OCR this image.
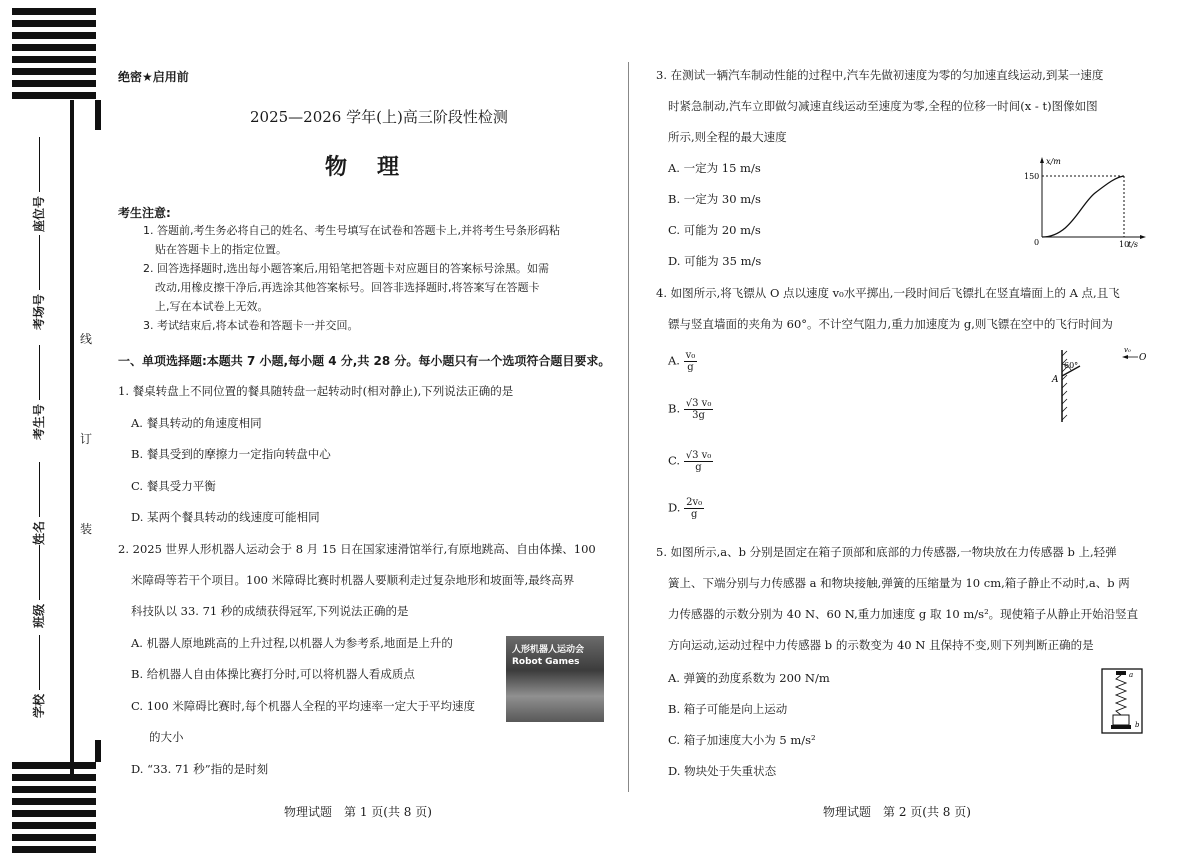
座位号
考场号
考生号
姓名
班级
学校
线
订
装
绝密★启用前
2025—2026 学年(上)高三阶段性检测
物　理
考生注意:

1. 答题前,考生务必将自己的姓名、考生号填写在试卷和答题卡上,并将考生号条形码粘

贴在答题卡上的指定位置。

2. 回答选择题时,选出每小题答案后,用铅笔把答题卡对应题目的答案标号涂黑。如需

改动,用橡皮擦干净后,再选涂其他答案标号。回答非选择题时,将答案写在答题卡

上,写在本试卷上无效。

3. 考试结束后,将本试卷和答题卡一并交回。

一、单项选择题:本题共 7 小题,每小题 4 分,共 28 分。每小题只有一个选项符合题目要求。
1. 餐桌转盘上不同位置的餐具随转盘一起转动时(相对静止),下列说法正确的是
A. 餐具转动的角速度相同
B. 餐具受到的摩擦力一定指向转盘中心
C. 餐具受力平衡
D. 某两个餐具转动的线速度可能相同
2. 2025 世界人形机器人运动会于 8 月 15 日在国家速滑馆举行,有原地跳高、自由体操、100
米障碍等若干个项目。100 米障碍比赛时机器人要顺利走过复杂地形和坡面等,最终高界
科技队以 33. 71 秒的成绩获得冠军,下列说法正确的是
A. 机器人原地跳高的上升过程,以机器人为参考系,地面是上升的
B. 给机器人自由体操比赛打分时,可以将机器人看成质点
C. 100 米障碍比赛时,每个机器人全程的平均速率一定大于平均速度
的大小
D. “33. 71 秒”指的是时刻
人形机器人运动会 Robot Games
3. 在测试一辆汽车制动性能的过程中,汽车先做初速度为零的匀加速直线运动,到某一速度
时紧急制动,汽车立即做匀减速直线运动至速度为零,全程的位移一时间(x - t)图像如图
所示,则全程的最大速度
A. 一定为 15 m/s
B. 一定为 30 m/s
C. 可能为 20 m/s
D. 可能为 35 m/s
x/m
t/s
150
10
0
4. 如图所示,将飞镖从 O 点以速度 v₀水平掷出,一段时间后飞镖扎在竖直墙面上的 A 点,且飞
镖与竖直墙面的夹角为 60°。不计空气阻力,重力加速度为 g,则飞镖在空中的飞行时间为
A. $\frac{\text{v₀}}{g}$
B. $\frac{\text{√3 v₀}}{3g}$
C. $\frac{\text{√3 v₀}}{g}$
D. $\frac{\text{2v₀}}{g}$
60°
A
v₀
O
5. 如图所示,a、b 分别是固定在箱子顶部和底部的力传感器,一物块放在力传感器 b 上,轻弹
簧上、下端分别与力传感器 a 和物块接触,弹簧的压缩量为 10 cm,箱子静止不动时,a、b 两
力传感器的示数分别为 40 N、60 N,重力加速度 g 取 10 m/s²。现使箱子从静止开始沿竖直
方向运动,运动过程中力传感器 b 的示数变为 40 N 且保持不变,则下列判断正确的是
A. 弹簧的劲度系数为 200 N/m
B. 箱子可能是向上运动
C. 箱子加速度大小为 5 m/s²
D. 物块处于失重状态
a
b
物理试题　第 1 页(共 8 页)	物理试题　第 2 页(共 8 页)
